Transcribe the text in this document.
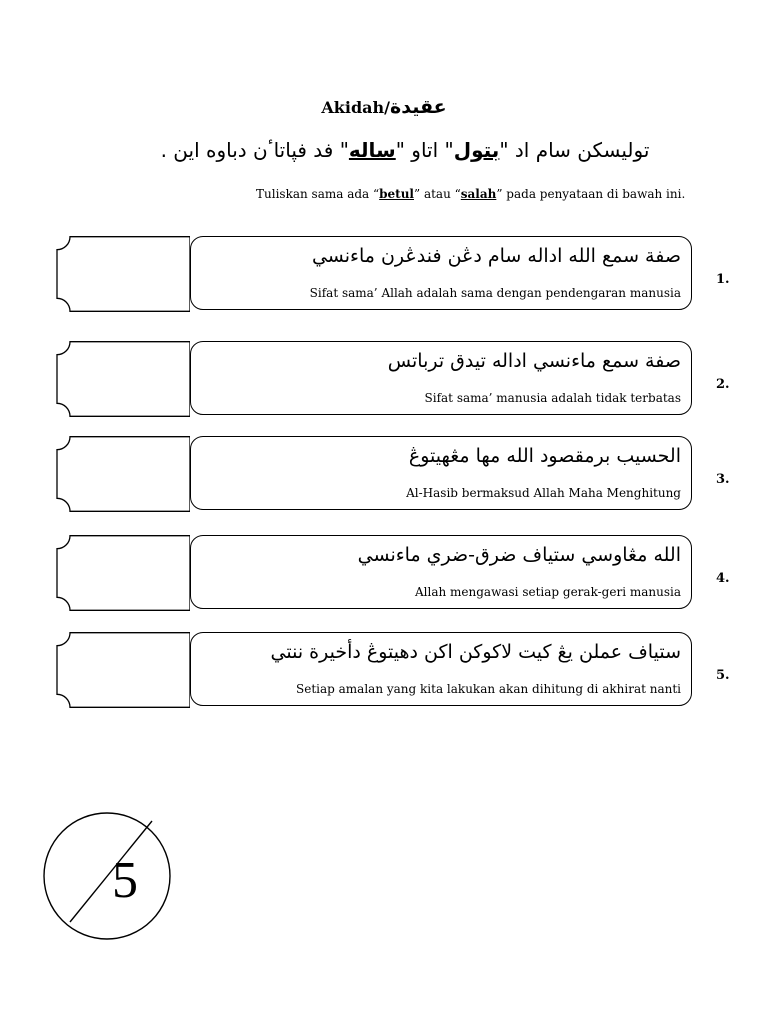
Akidah/عقيدة
توليسکن سام اد "بتول" اتاو "ساله" فد فڽاتاٴن دباوه اين .
Tuliskan sama ada “betul” atau “salah” pada penyataan di bawah ini.
صفة سمع الله اداله سام دڠن فندڠرن ماءنسي
Sifat sama’ Allah adalah sama dengan pendengaran manusia
1.
صفة سمع ماءنسي اداله تيدق ترباتس
Sifat sama’ manusia adalah tidak terbatas
2.
الحسيب برمقصود الله مها مڠهيتوڠ
Al-Hasib bermaksud Allah Maha Menghitung
3.
الله مڠاوسي ستياف ضرق-ضري ماءنسي
Allah mengawasi setiap gerak-geri manusia
4.
ستياف عملن يڠ كيت لاكوكن اكن دهيتوڠ دأخيرة ننتي
Setiap amalan yang kita lakukan akan dihitung di akhirat nanti
5.
5
